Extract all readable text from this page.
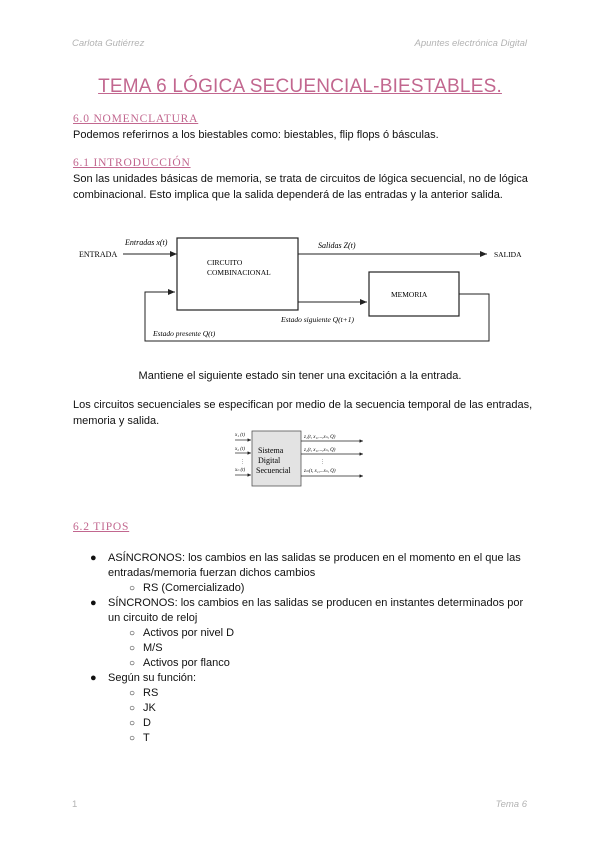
Carlota Gutiérrez	Apuntes electrónica Digital
TEMA 6 LÓGICA SECUENCIAL-BIESTABLES.
6.0 NOMENCLATURA
Podemos referirnos a los biestables como: biestables, flip flops ó básculas.
6.1 INTRODUCCIÓN
Son las unidades básicas de memoria, se trata de circuitos de lógica secuencial, no de lógica combinacional. Esto implica que la salida dependerá de las entradas y la anterior salida.
ENTRADA
Entradas x(t)
CIRCUITO
COMBINACIONAL
Salidas Z(t)
SALIDA
MEMORIA
Estado siguiente Q(t+1)
Estado presente Q(t)
Mantiene el siguiente estado sin tener una excitación a la entrada.
Los circuitos secuenciales se especifican por medio de la secuencia temporal de las entradas, memoria y salida.
Sistema
Digital
Secuencial
x₁ (t)
x₂ (t)
⋮
xₙ (t)
z₁(t, x₁,...,xₙ, Q)
z₂(t, x₁,...,xₙ, Q)
⋮
zₘ(t, x₁,...xₙ, Q)
6.2 TIPOS
● ASÍNCRONOS: los cambios en las salidas se producen en el momento en el que las entradas/memoria fuerzan dichos cambios
○ RS (Comercializado)
● SÍNCRONOS: los cambios en las salidas se producen en instantes determinados por un circuito de reloj
○ Activos por nivel D
○ M/S
○ Activos por flanco
● Según su función:
○ RS
○ JK
○ D
○ T
1	Tema 6
